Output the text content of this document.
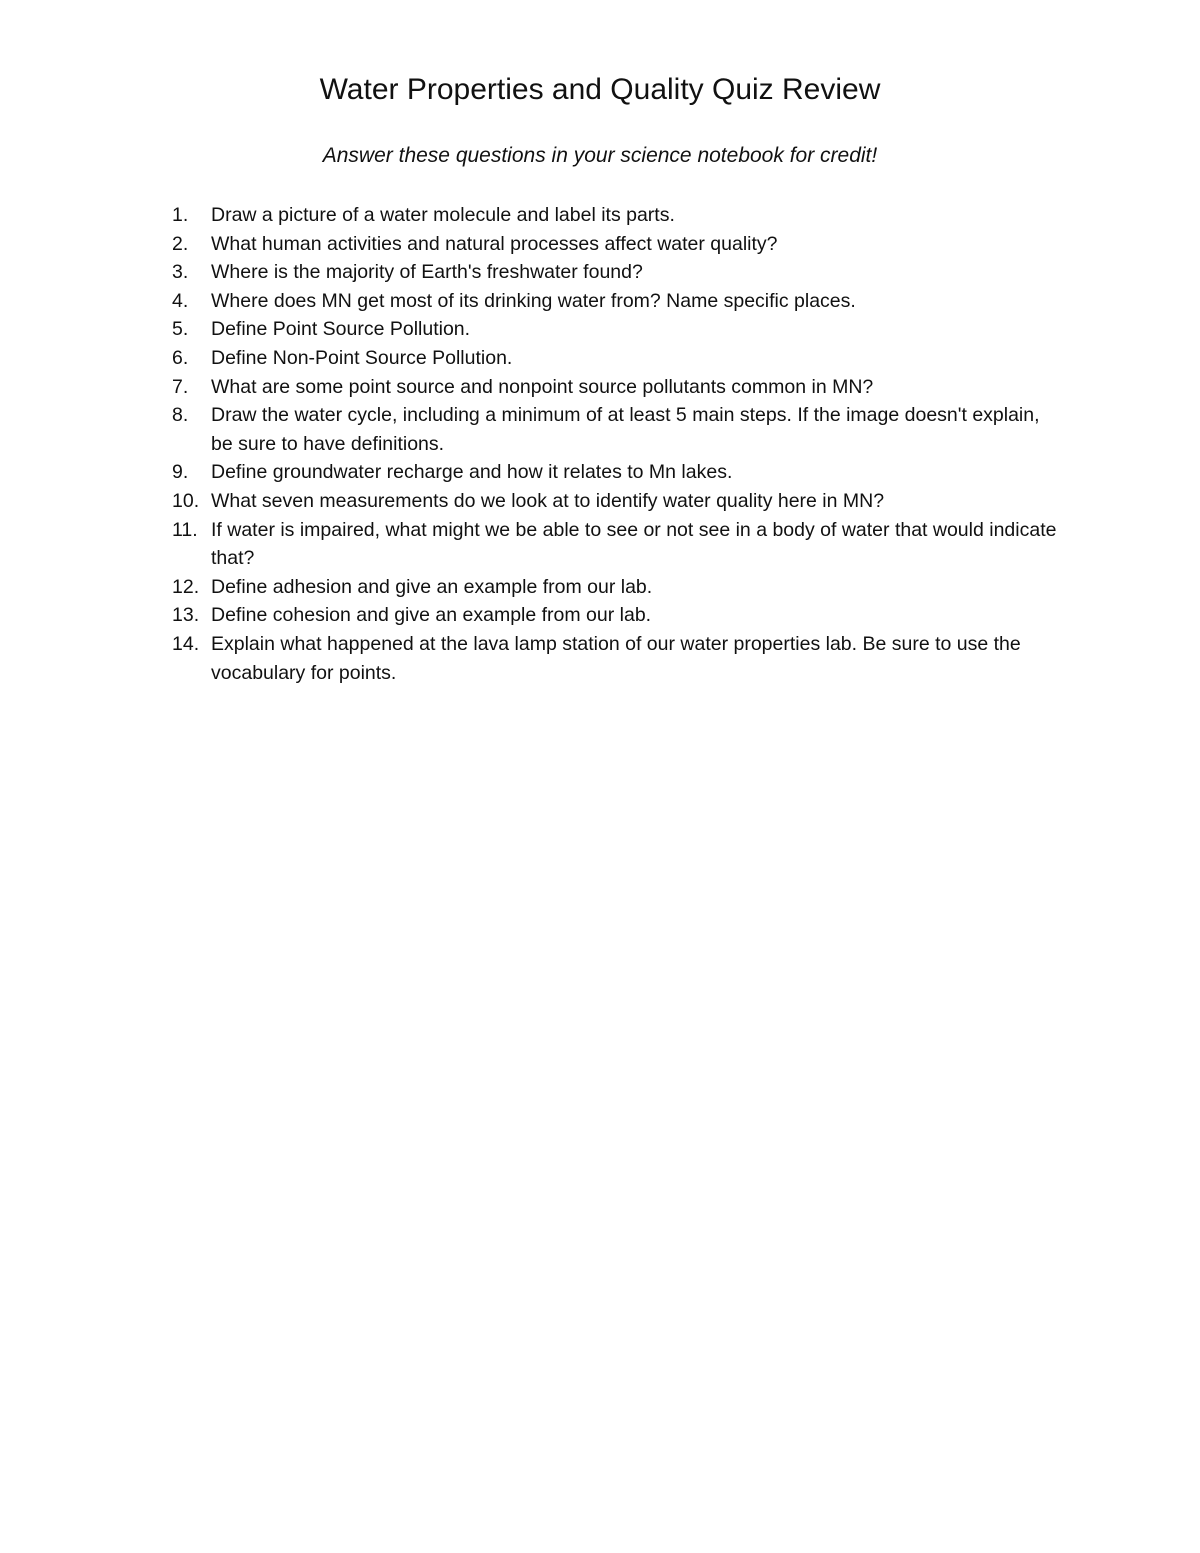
Water Properties and Quality Quiz Review

Answer these questions in your science notebook for credit!

1.	Draw a picture of a water molecule and label its parts.
2.	What human activities and natural processes affect water quality?
3.	Where is the majority of Earth's freshwater found?
4.	Where does MN get most of its drinking water from? Name specific places.
5.	Define Point Source Pollution.
6.	Define Non-Point Source Pollution.
7.	What are some point source and nonpoint source pollutants common in MN?
8.	Draw the water cycle, including a minimum of at least 5 main steps. If the image doesn't explain, be sure to have definitions.
9.	Define groundwater recharge and how it relates to Mn lakes.
10. What seven measurements do we look at to identify water quality here in MN?
11. If water is impaired, what might we be able to see or not see in a body of water that would indicate that?
12. Define adhesion and give an example from our lab.
13. Define cohesion and give an example from our lab.
14. Explain what happened at the lava lamp station of our water properties lab. Be sure to use the vocabulary for points.
